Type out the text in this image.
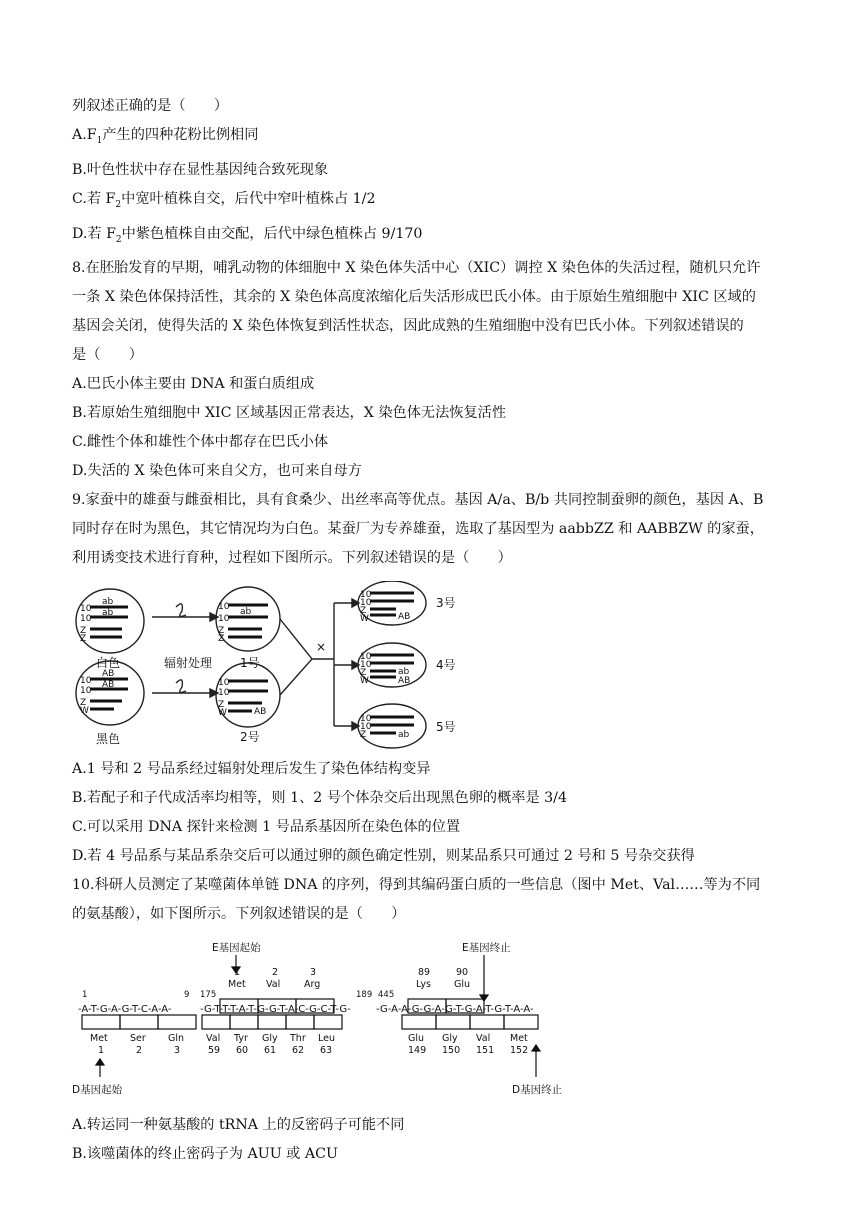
列叙述正确的是（　　）
$A.F_1$产生的四种花粉比例相同
B.叶色性状中存在显性基因纯合致死现象
C.若 $F_2$中宽叶植株自交，后代中窄叶植株占 1/2
D.若 $F_2$中紫色植株自由交配，后代中绿色植株占 9/170
8.在胚胎发育的早期，哺乳动物的体细胞中 X 染色体失活中心（XIC）调控 X 染色体的失活过程，随机只允许
一条 X 染色体保持活性，其余的 X 染色体高度浓缩化后失活形成巴氏小体。由于原始生殖细胞中 XIC 区域的
基因会关闭，使得失活的 X 染色体恢复到活性状态，因此成熟的生殖细胞中没有巴氏小体。下列叙述错误的
是（　　）
A.巴氏小体主要由 DNA 和蛋白质组成
B.若原始生殖细胞中 XIC 区域基因正常表达，X 染色体无法恢复活性
C.雌性个体和雄性个体中都存在巴氏小体
D.失活的 X 染色体可来自父方，也可来自母方
9.家蚕中的雄蚕与雌蚕相比，具有食桑少、出丝率高等优点。基因 A/a、B/b 共同控制蚕卵的颜色，基因 A、B
同时存在时为黑色，其它情况均为白色。某蚕厂为专养雄蚕，选取了基因型为 aabbZZ 和 AABBZW 的家蚕，
利用诱变技术进行育种，过程如下图所示。下列叙述错误的是（　　）
10
10
ab
ab
Z
Z
10
10
AB
AB
Z
W
10
10
ab
Z
Z
10
10
Z
W	AB
10
10
Z
W	AB
10
10
Z
W
ab
AB
10
10
Z	ab
白色
黑色
辐射处理 1号
2号
×
3号
4号
5号
A.1 号和 2 号品系经过辐射处理后发生了染色体结构变异
B.若配子和子代成活率均相等，则 1、2 号个体杂交后出现黑色卵的概率是 3/4
C.可以采用 DNA 探针来检测 1 号品系基因所在染色体的位置
D.若 4 号品系与某品系杂交后可以通过卵的颜色确定性别，则某品系只可通过 2 号和 5 号杂交获得
10.科研人员测定了某噬菌体单链 DNA 的序列，得到其编码蛋白质的一些信息（图中 Met、Val……等为不同
的氨基酸），如下图所示。下列叙述错误的是（　　）
E基因起始	E基因终止
D基因起始	D基因终止
1	9 175	189 445
-A-T-G-A-G-T-C-A-A-	-G-T-T-T-A-T-G-G-T-A-C-G-C-T-G-	-G-A-A-G-G-A-G-T-G-A-T-G-T-A-A-
1
Met
2
Val
3
Arg
89
Lys
90
Glu
Met
1
Ser
2
Gln
3
Val
59
Tyr
60
Gly
61
Thr
62
Leu
63
Glu
149
Gly
150
Val
151
Met
152
A.转运同一种氨基酸的 tRNA 上的反密码子可能不同
B.该噬菌体的终止密码子为 AUU 或 ACU
